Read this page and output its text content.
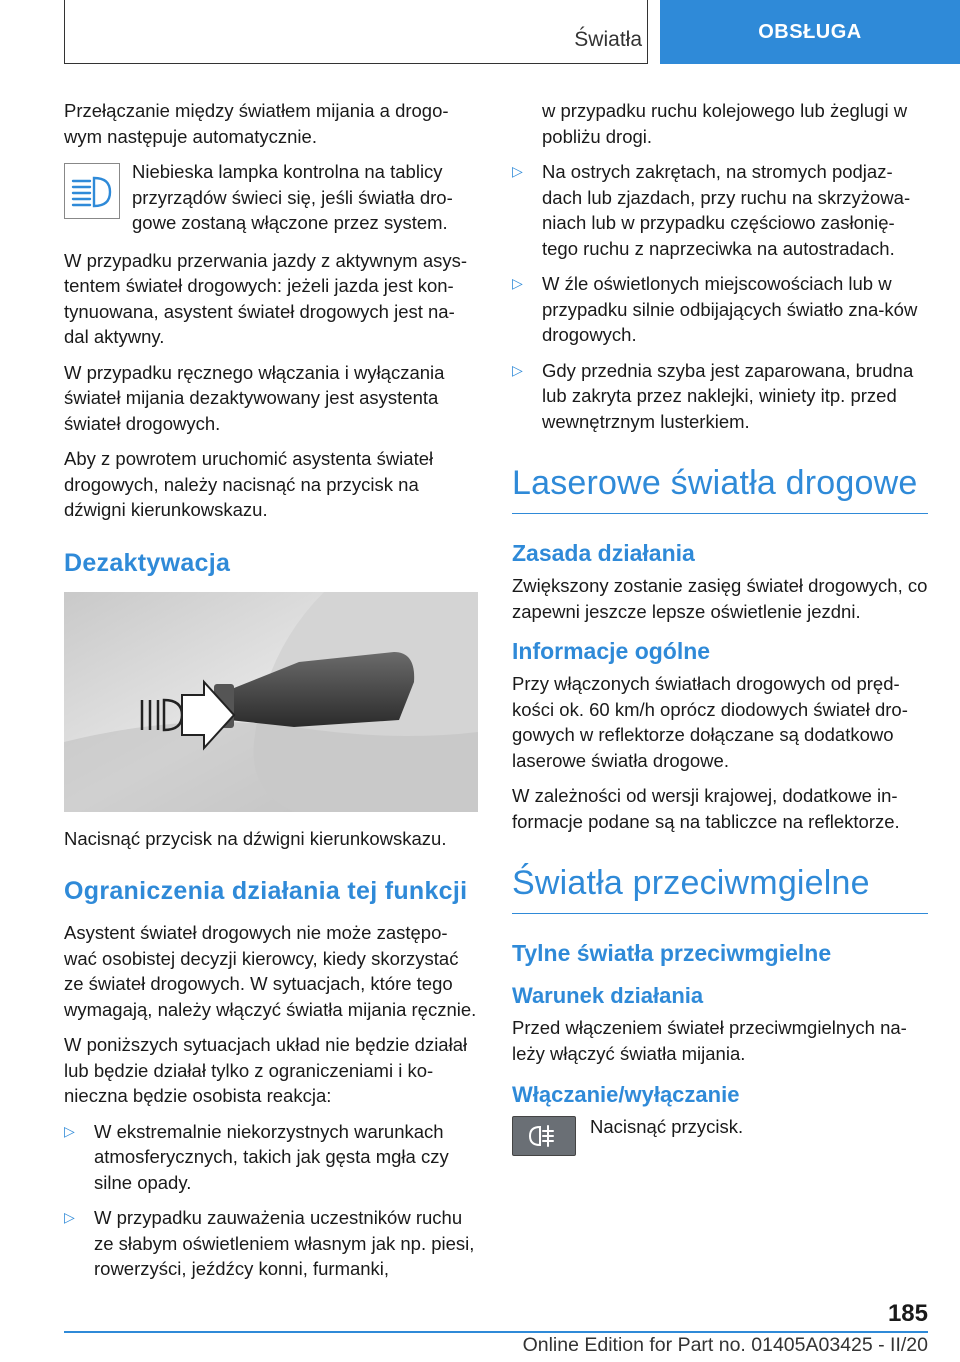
Światła	OBSŁUGA

Przełączanie między światłem mijania a drogo-wym następuje automatycznie.

Niebieska lampka kontrolna na tablicy przyrządów świeci się, jeśli światła dro-gowe zostaną włączone przez system.

W przypadku przerwania jazdy z aktywnym asys-tentem świateł drogowych: jeżeli jazda jest kon-tynuowana, asystent świateł drogowych jest na-dal aktywny.

W przypadku ręcznego włączania i wyłączania świateł mijania dezaktywowany jest asystenta świateł drogowych.

Aby z powrotem uruchomić asystenta świateł drogowych, należy nacisnąć na przycisk na dźwigni kierunkowskazu.

Dezaktywacja

Nacisnąć przycisk na dźwigni kierunkowskazu.

Ograniczenia działania tej funkcji

Asystent świateł drogowych nie może zastępo-wać osobistej decyzji kierowcy, kiedy skorzystać ze świateł drogowych. W sytuacjach, które tego wymagają, należy włączyć światła mijania ręcznie.

W poniższych sytuacjach układ nie będzie działał lub będzie działał tylko z ograniczeniami i ko-nieczna będzie osobista reakcja:

▷ W ekstremalnie niekorzystnych warunkach atmosferycznych, takich jak gęsta mgła czy silne opady.
▷ W przypadku zauważenia uczestników ruchu ze słabym oświetleniem własnym jak np. piesi, rowerzyści, jeźdźcy konni, furmanki,
w przypadku ruchu kolejowego lub żeglugi w pobliżu drogi.
▷ Na ostrych zakrętach, na stromych podjaz-dach lub zjazdach, przy ruchu na skrzyżowa-niach lub w przypadku częściowo zasłonię-tego ruchu z naprzeciwka na autostradach.
▷ W źle oświetlonych miejscowościach lub w przypadku silnie odbijających światło zna-ków drogowych.
▷ Gdy przednia szyba jest zaparowana, brudna lub zakryta przez naklejki, winiety itp. przed wewnętrznym lusterkiem.
Laserowe światła drogowe
Zasada działania

Zwiększony zostanie zasięg świateł drogowych, co zapewni jeszcze lepsze oświetlenie jezdni.

Informacje ogólne

Przy włączonych światłach drogowych od pręd-kości ok. 60 km/h oprócz diodowych świateł dro-gowych w reflektorze dołączane są dodatkowo laserowe światła drogowe.

W zależności od wersji krajowej, dodatkowe in-formacje podane są na tabliczce na reflektorze.

Światła przeciwmgielne
Tylne światła przeciwmgielne
Warunek działania

Przed włączeniem świateł przeciwmgielnych na-leży włączyć światła mijania.

Włączanie/wyłączanie

Nacisnąć przycisk.

185
Online Edition for Part no. 01405A03425 - II/20
